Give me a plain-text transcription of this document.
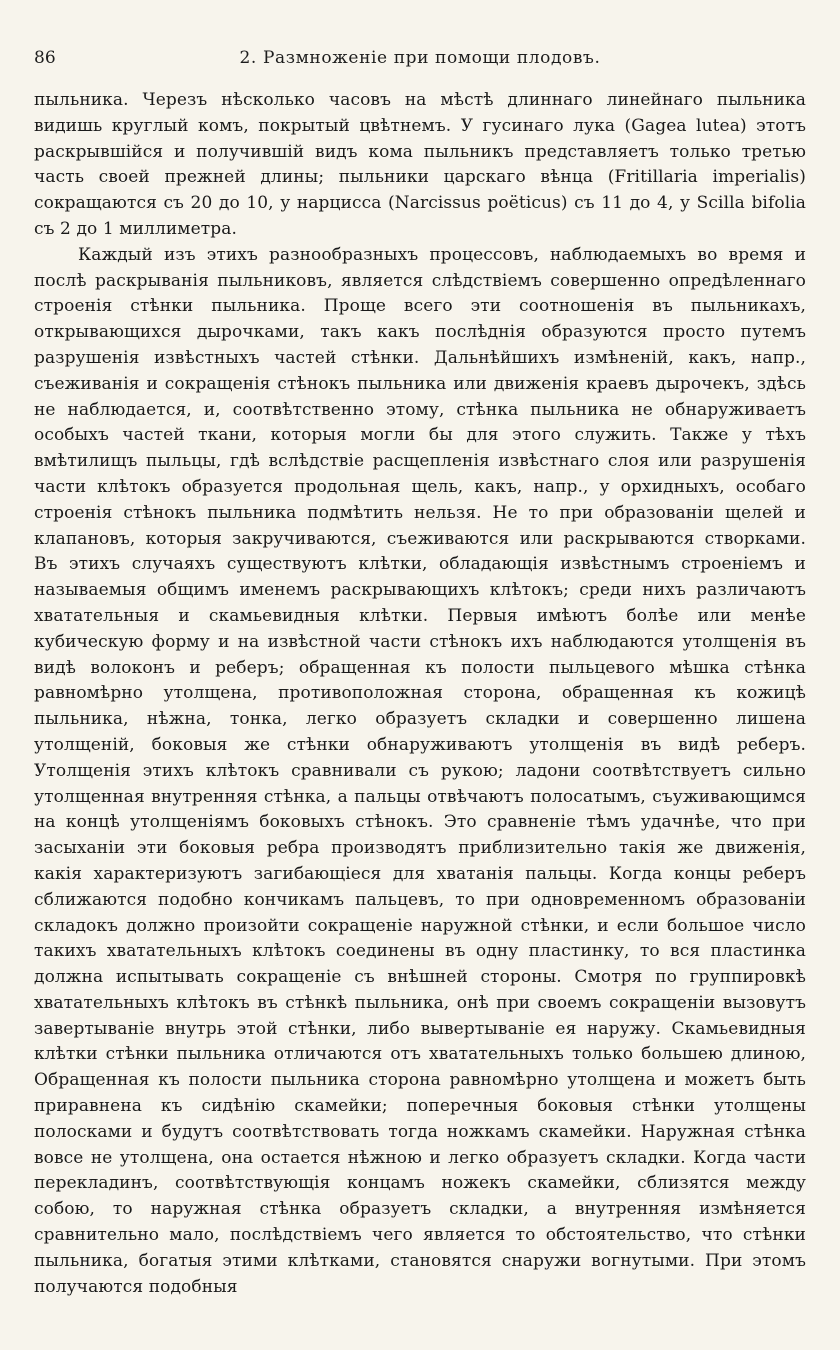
86	2. Размноженіе при помощи плодовъ.

пыльника. Черезъ нѣсколько часовъ на мѣстѣ длиннаго линейнаго пыльника видишь круглый комъ, покрытый цвѣтнемъ. У гусинаго лука (Gagea lutea) этотъ раскрывшійся и получившій видъ кома пыльникъ представляетъ только третью часть своей прежней длины; пыльники царскаго вѣнца (Fritillaria imperialis) сокращаются съ 20 до 10, у нарцисса (Narcissus poëticus) съ 11 до 4, у Scilla bifolia съ 2 до 1 миллиметра.

Каждый изъ этихъ разнообразныхъ процессовъ, наблюдаемыхъ во время и послѣ раскрыванія пыльниковъ, является слѣдствіемъ совершенно опредѣленнаго строенія стѣнки пыльника. Проще всего эти соотношенія въ пыльникахъ, открывающихся дырочками, такъ какъ послѣднія образуются просто путемъ разрушенія извѣстныхъ частей стѣнки. Дальнѣйшихъ измѣненій, какъ, напр., съеживанія и сокращенія стѣнокъ пыльника или движенія краевъ дырочекъ, здѣсь не наблюдается, и, соотвѣтственно этому, стѣнка пыльника не обнаруживаетъ особыхъ частей ткани, которыя могли бы для этого служить. Также у тѣхъ вмѣтилищъ пыльцы, гдѣ вслѣдствіе расщепленія извѣстнаго слоя или разрушенія части клѣтокъ образуется продольная щель, какъ, напр., у орхидныхъ, особаго строенія стѣнокъ пыльника подмѣтить нельзя. Не то при образованіи щелей и клапановъ, которыя закручиваются, съеживаются или раскрываются створками. Въ этихъ случаяхъ существуютъ клѣтки, обладающія извѣстнымъ строеніемъ и называемыя общимъ именемъ раскрывающихъ клѣтокъ; среди нихъ различаютъ хватательныя и скамьевидныя клѣтки. Первыя имѣютъ болѣе или менѣе кубическую форму и на извѣстной части стѣнокъ ихъ наблюдаются утолщенія въ видѣ волоконъ и реберъ; обращенная къ полости пыльцевого мѣшка стѣнка равномѣрно утолщена, противоположная сторона, обращенная къ кожицѣ пыльника, нѣжна, тонка, легко образуетъ складки и совершенно лишена утолщеній, боковыя же стѣнки обнаруживаютъ утолщенія въ видѣ реберъ. Утолщенія этихъ клѣтокъ сравнивали съ рукою; ладони соотвѣтствуетъ сильно утолщенная внутренняя стѣнка, а пальцы отвѣчаютъ полосатымъ, съуживающимся на концѣ утолщеніямъ боковыхъ стѣнокъ. Это сравненіе тѣмъ удачнѣе, что при засыханіи эти боковыя ребра производятъ приблизительно такія же движенія, какія характеризуютъ загибающіеся для хватанія пальцы. Когда концы реберъ сближаются подобно кончикамъ пальцевъ, то при одновременномъ образованіи складокъ должно произойти сокращеніе наружной стѣнки, и если большое число такихъ хватательныхъ клѣтокъ соединены въ одну пластинку, то вся пластинка должна испытывать сокращеніе съ внѣшней стороны. Смотря по группировкѣ хватательныхъ клѣтокъ въ стѣнкѣ пыльника, онѣ при своемъ сокращеніи вызовутъ завертываніе внутрь этой стѣнки, либо вывертываніе ея наружу. Скамьевидныя клѣтки стѣнки пыльника отличаются отъ хватательныхъ только большею длиною, Обращенная къ полости пыльника сторона равномѣрно утолщена и можетъ быть приравнена къ сидѣнію скамейки; поперечныя боковыя стѣнки утолщены полосками и будутъ соотвѣтствовать тогда ножкамъ скамейки. Наружная стѣнка вовсе не утолщена, она остается нѣжною и легко образуетъ складки. Когда части перекладинъ, соотвѣтствующія концамъ ножекъ скамейки, сблизятся между собою, то наружная стѣнка образуетъ складки, а внутренняя измѣняется сравнительно мало, послѣдствіемъ чего является то обстоятельство, что стѣнки пыльника, богатыя этими клѣтками, становятся снаружи вогнутыми. При этомъ получаются подобныя
